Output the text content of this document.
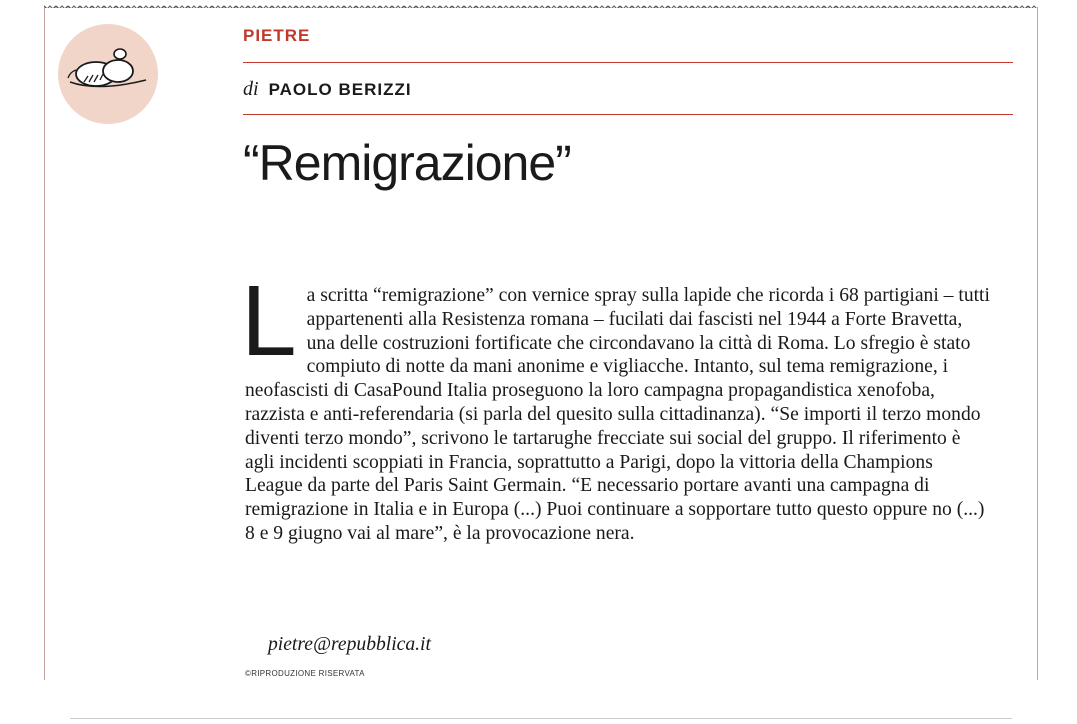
PIETRE
di PAOLO BERIZZI
“Remigrazione”
L a scritta “remigrazione” con vernice spray sulla lapide che ricorda i 68 partigiani – tutti appartenenti alla Resistenza romana – fucilati dai fascisti nel 1944 a Forte Bravetta, una delle costruzioni fortificate che circondavano la città di Roma. Lo sfregio è stato compiuto di notte da mani anonime e vigliacche. Intanto, sul tema remigrazione, i neofascisti di CasaPound Italia proseguono la loro campagna propagandistica xenofoba, razzista e anti-referendaria (si parla del quesito sulla cittadinanza). “Se importi il terzo mondo diventi terzo mondo”, scrivono le tartarughe frecciate sui social del gruppo. Il riferimento è agli incidenti scoppiati in Francia, soprattutto a Parigi, dopo la vittoria della Champions League da parte del Paris Saint Germain. “E necessario portare avanti una campagna di remigrazione in Italia e in Europa (...) Puoi continuare a sopportare tutto questo oppure no (...) 8 e 9 giugno vai al mare”, è la provocazione nera.

pietre@repubblica.it
©RIPRODUZIONE RISERVATA
